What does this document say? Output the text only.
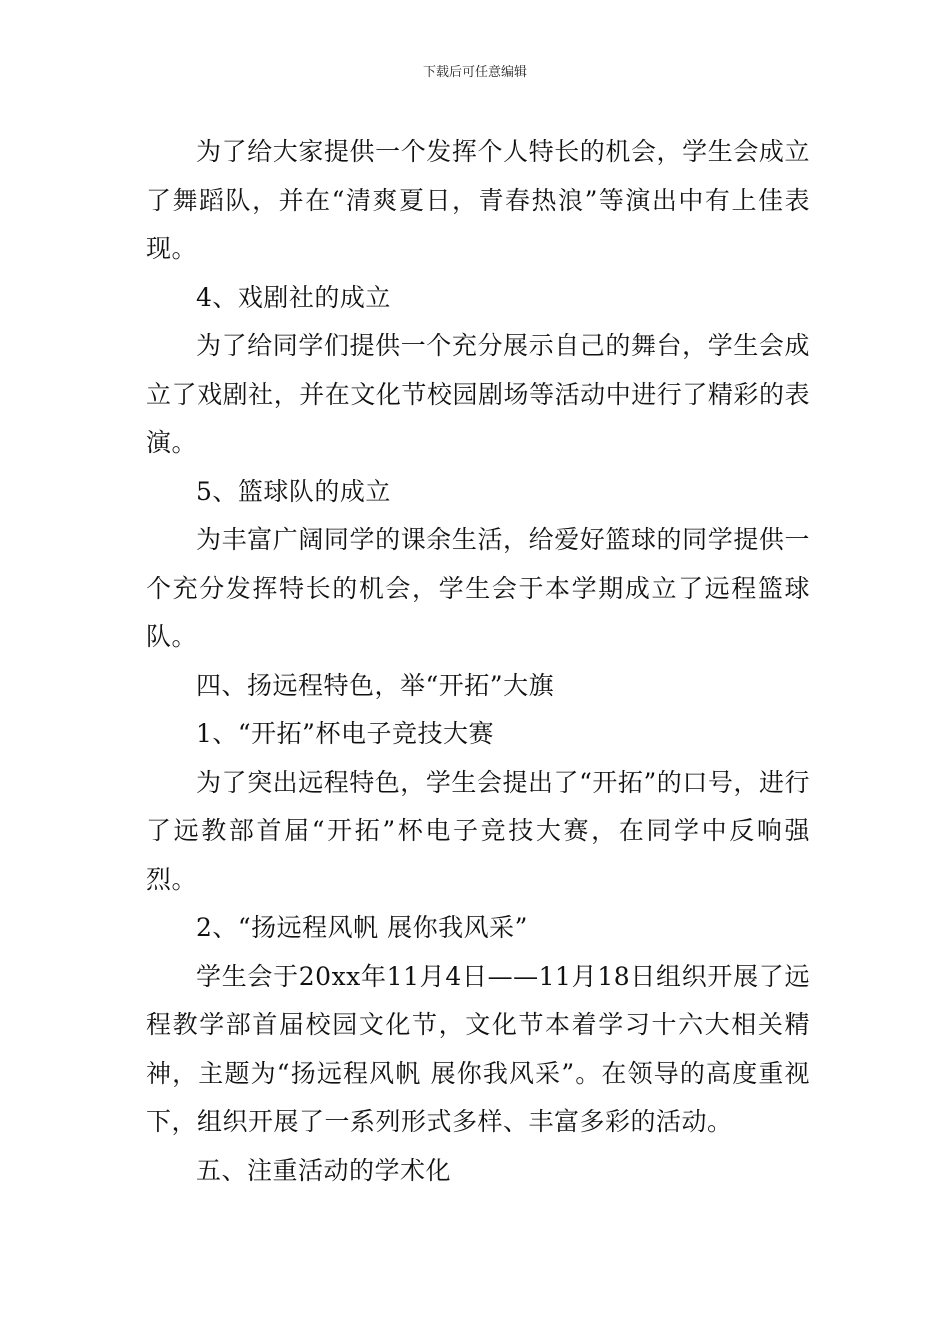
下载后可任意编辑

为了给大家提供一个发挥个人特长的机会，学生会成立了舞蹈队，并在“清爽夏日，青春热浪”等演出中有上佳表现。

4、戏剧社的成立

为了给同学们提供一个充分展示自己的舞台，学生会成立了戏剧社，并在文化节校园剧场等活动中进行了精彩的表演。

5、篮球队的成立

为丰富广阔同学的课余生活，给爱好篮球的同学提供一个充分发挥特长的机会，学生会于本学期成立了远程篮球队。

四、扬远程特色，举“开拓”大旗

1、“开拓”杯电子竞技大赛

为了突出远程特色，学生会提出了“开拓”的口号，进行了远教部首届“开拓”杯电子竞技大赛，在同学中反响强烈。

2、“扬远程风帆 展你我风采”

学生会于20xx年11月4日——11月18日组织开展了远程教学部首届校园文化节，文化节本着学习十六大相关精神，主题为“扬远程风帆 展你我风采”。在领导的高度重视下，组织开展了一系列形式多样、丰富多彩的活动。

五、注重活动的学术化
